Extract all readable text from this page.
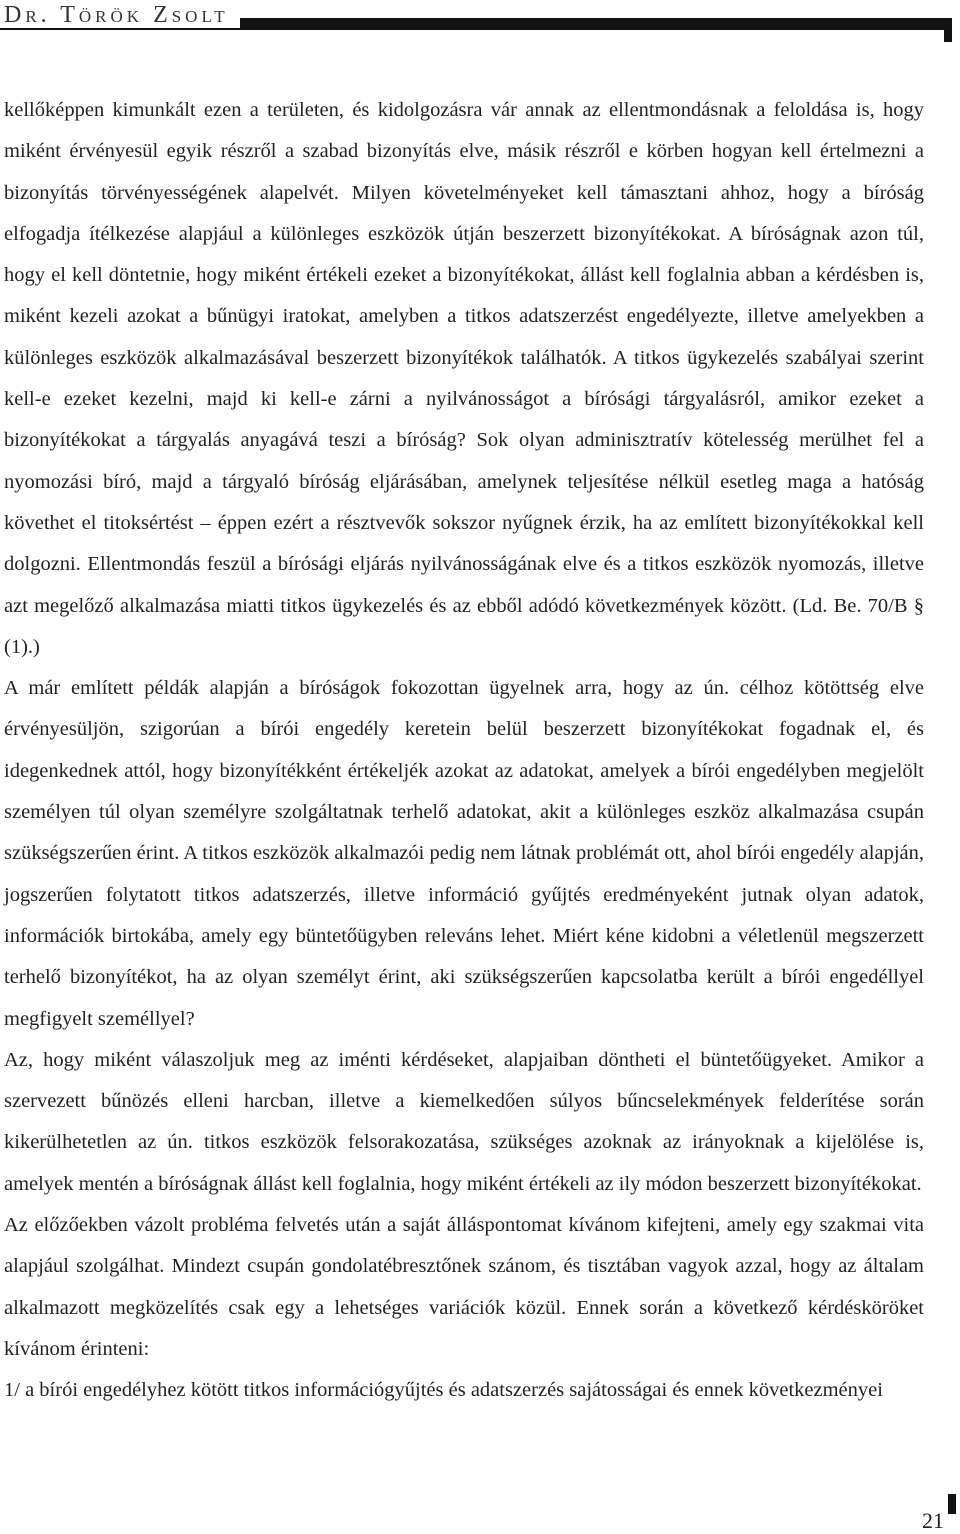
Dr. Török Zsolt

kellőképpen kimunkált ezen a területen, és kidolgozásra vár annak az ellentmondásnak a feloldása is, hogy miként érvényesül egyik részről a szabad bizonyítás elve, másik részről e körben hogyan kell értelmezni a bizonyítás törvényességének alapelvét. Milyen követelményeket kell támasztani ahhoz, hogy a bíróság elfogadja ítélkezése alapjául a különleges eszközök útján beszerzett bizonyítékokat. A bíróságnak azon túl, hogy el kell döntetnie, hogy miként értékeli ezeket a bizonyítékokat, állást kell foglalnia abban a kérdésben is, miként kezeli azokat a bűnügyi iratokat, amelyben a titkos adatszerzést engedélyezte, illetve amelyekben a különleges eszközök alkalmazásával beszerzett bizonyítékok találhatók. A titkos ügykezelés szabályai szerint kell-e ezeket kezelni, majd ki kell-e zárni a nyilvánosságot a bírósági tárgyalásról, amikor ezeket a bizonyítékokat a tárgyalás anyagává teszi a bíróság? Sok olyan adminisztratív kötelesség merülhet fel a nyomozási bíró, majd a tárgyaló bíróság eljárásában, amelynek teljesítése nélkül esetleg maga a hatóság követhet el titoksértést – éppen ezért a résztvevők sokszor nyűgnek érzik, ha az említett bizonyítékokkal kell dolgozni. Ellentmondás feszül a bírósági eljárás nyilvánosságának elve és a titkos eszközök nyomozás, illetve azt megelőző alkalmazása miatti titkos ügykezelés és az ebből adódó következmények között. (Ld. Be. 70/B § (1).)

A már említett példák alapján a bíróságok fokozottan ügyelnek arra, hogy az ún. célhoz kötöttség elve érvényesüljön, szigorúan a bírói engedély keretein belül beszerzett bizonyítékokat fogadnak el, és idegenkednek attól, hogy bizonyítékként értékeljék azokat az adatokat, amelyek a bírói engedélyben megjelölt személyen túl olyan személyre szolgáltatnak terhelő adatokat, akit a különleges eszköz alkalmazása csupán szükségszerűen érint. A titkos eszközök alkalmazói pedig nem látnak problémát ott, ahol bírói engedély alapján, jogszerűen folytatott titkos adatszerzés, illetve információ gyűjtés eredményeként jutnak olyan adatok, információk birtokába, amely egy büntetőügyben releváns lehet. Miért kéne kidobni a véletlenül megszerzett terhelő bizonyítékot, ha az olyan személyt érint, aki szükségszerűen kapcsolatba került a bírói engedéllyel megfigyelt személlyel?

Az, hogy miként válaszoljuk meg az iménti kérdéseket, alapjaiban döntheti el büntetőügyeket. Amikor a szervezett bűnözés elleni harcban, illetve a kiemelkedően súlyos bűncselekmények felderítése során kikerülhetetlen az ún. titkos eszközök felsorakozatása, szükséges azoknak az irányoknak a kijelölése is, amelyek mentén a bíróságnak állást kell foglalnia, hogy miként értékeli az ily módon beszerzett bizonyítékokat.

Az előzőekben vázolt probléma felvetés után a saját álláspontomat kívánom kifejteni, amely egy szakmai vita alapjául szolgálhat. Mindezt csupán gondolatébresztőnek szánom, és tisztában vagyok azzal, hogy az általam alkalmazott megközelítés csak egy a lehetséges variációk közül. Ennek során a következő kérdésköröket kívánom érinteni:

1/ a bírói engedélyhez kötött titkos információgyűjtés és adatszerzés sajátosságai és ennek következményei

21
